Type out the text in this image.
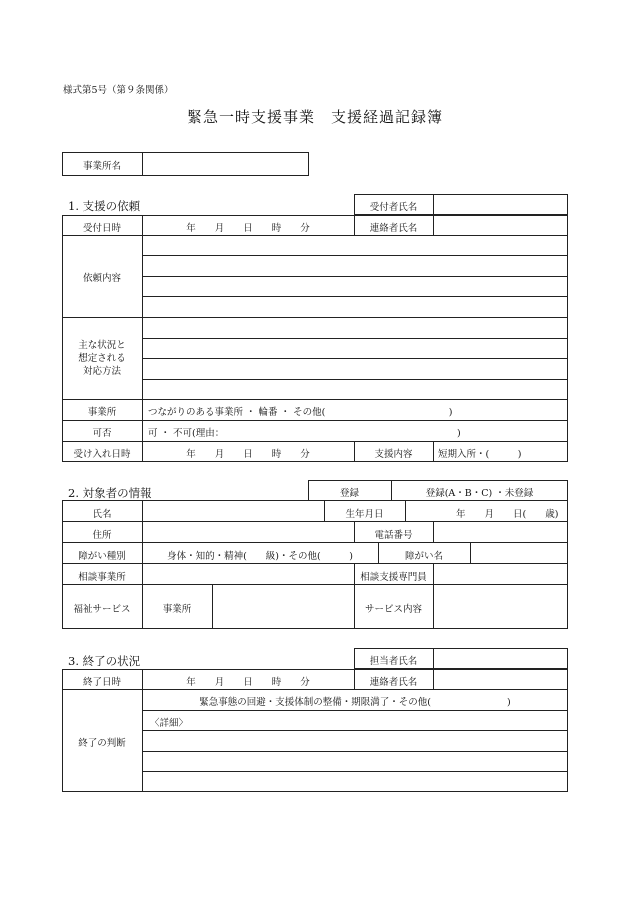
様式第5号（第９条関係）
緊急一時支援事業　支援経過記録簿
事業所名
1. 支援の依頼	受付者氏名
受付日時	年　　月　　日　　時　　分	連絡者氏名
依頼内容
主な状況と
想定される
対応方法
事業所	つながりのある事業所 ・ 輪番 ・ その他(　　　　　　　　　　　　　)
可否	可 ・ 不可(理由：　　　　　　　　　　　　　　　　　　　　　　　　　)
受け入れ日時	年　　月　　日　　時　　分	支援内容	短期入所・(　　　)
2. 対象者の情報	登録	登録(A・B・C) ・未登録
氏名	生年月日	年　　月　　日(　　歳)
住所	電話番号
障がい種別	身体・知的・精神(　　級)・その他(　　　)	障がい名
相談事業所	相談支援専門員
福祉サービス	事業所	サービス内容
3. 終了の状況	担当者氏名
終了日時	年　　月　　日　　時　　分	連絡者氏名
終了の判断
緊急事態の回避・支援体制の整備・期限満了・その他(　　　　　　　　)
〈詳細〉
